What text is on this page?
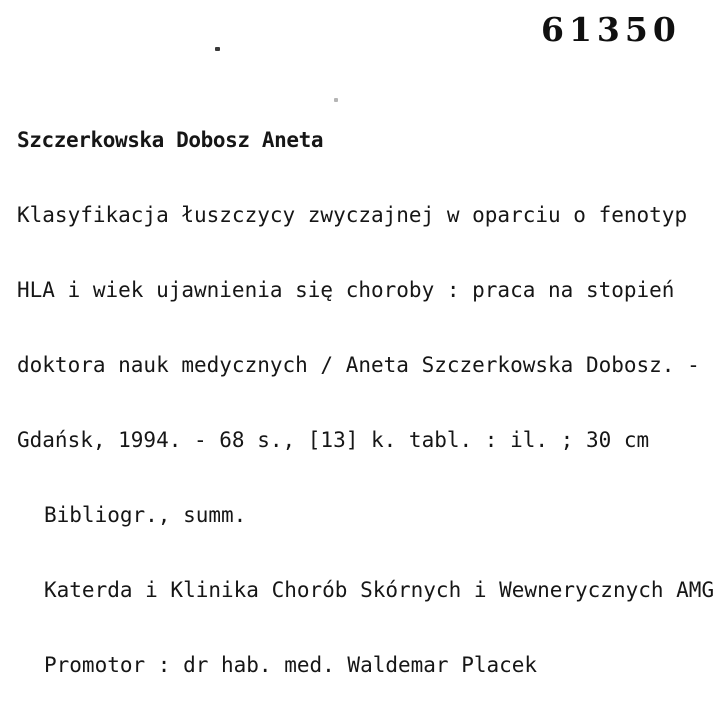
61350

Szczerkowska Dobosz Aneta

Klasyfikacja łuszczycy zwyczajnej w oparciu o fenotyp

HLA i wiek ujawnienia się choroby : praca na stopień

doktora nauk medycznych / Aneta Szczerkowska Dobosz. -

Gdańsk, 1994. - 68 s., [13] k. tabl. : il. ; 30 cm

Bibliogr., summ.

Katerda i Klinika Chorób Skórnych i Wewnerycznych AMG

Promotor : dr hab. med. Waldemar Placek
